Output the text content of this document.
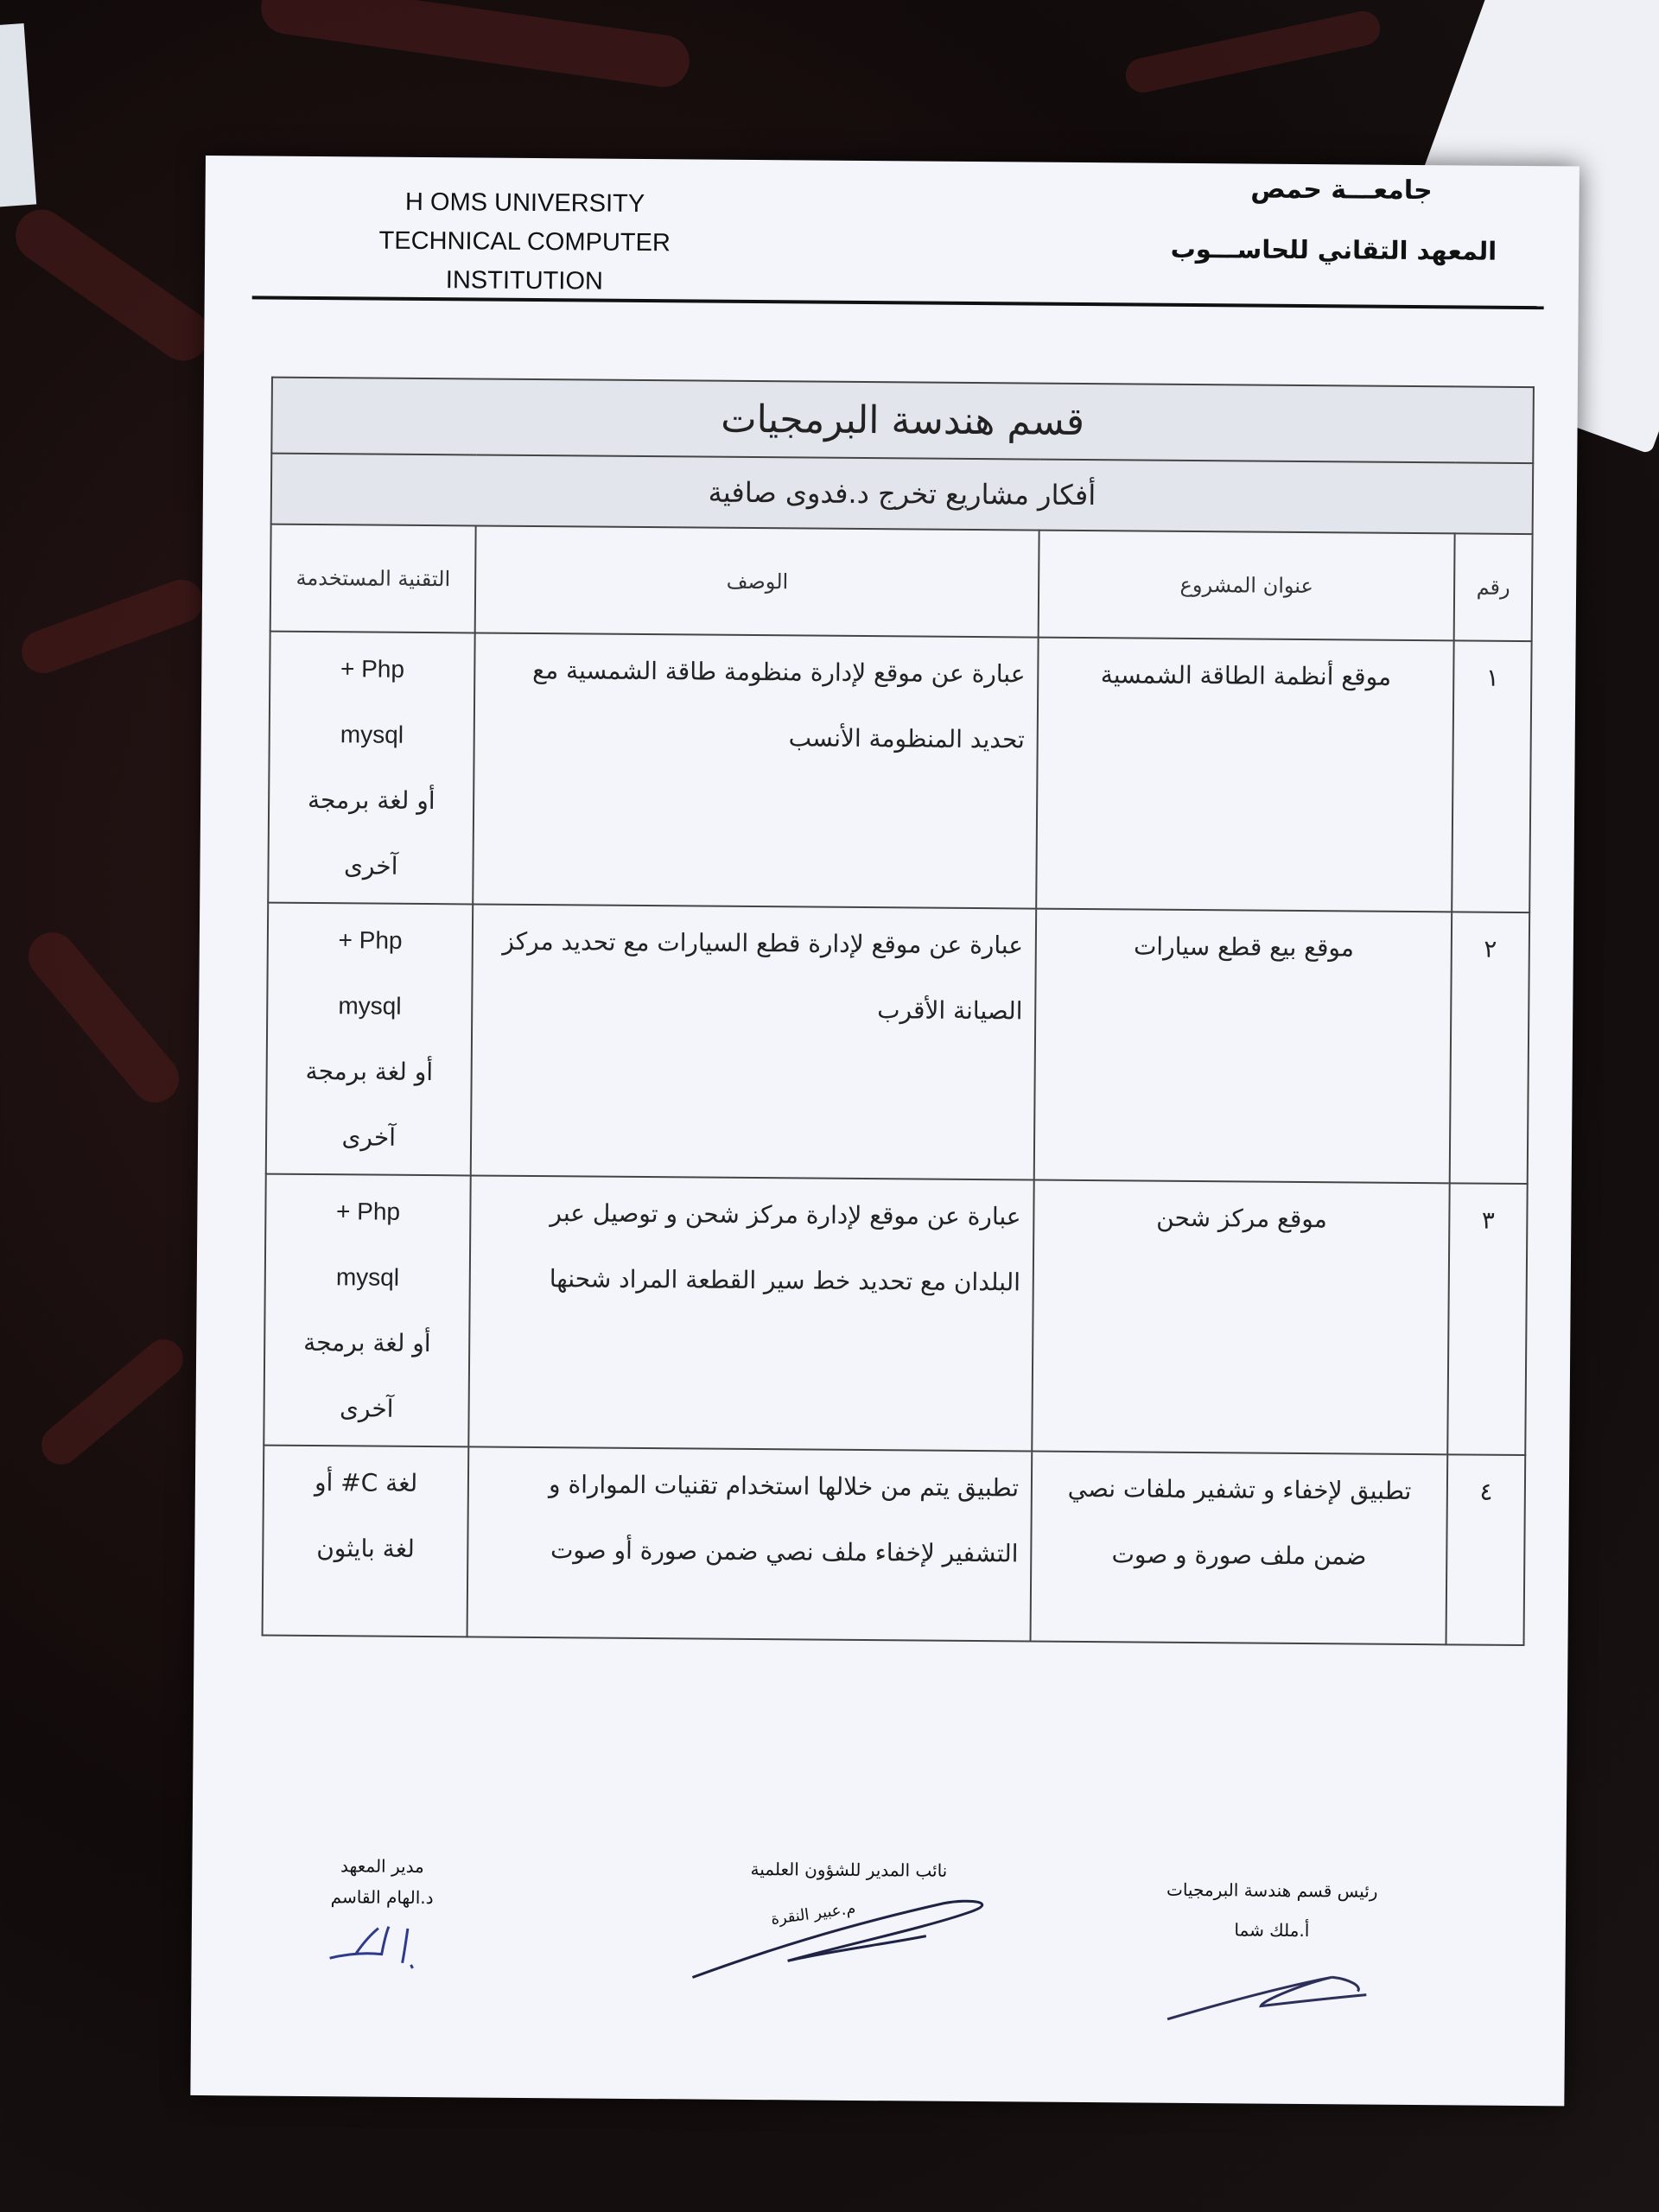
H OMS UNIVERSITY
TECHNICAL COMPUTER
INSTITUTION
جامعـــة حمص
المعهد التقاني للحاســـوب
قسم هندسة البرمجيات			
أفكار مشاريع تخرج د.فدوى صافية			
رقم	عنوان المشروع	الوصف	التقنية المستخدمة
١	موقع أنظمة الطاقة الشمسية	عبارة عن موقع لإدارة منظومة طاقة الشمسية مع تحديد المنظومة الأنسب	Php +
mysql
أو لغة برمجة
آخرى

٢	موقع بيع قطع سيارات	عبارة عن موقع لإدارة قطع السيارات مع تحديد مركز الصيانة الأقرب	Php +
mysql
أو لغة برمجة
آخرى

٣	موقع مركز شحن	عبارة عن موقع لإدارة مركز شحن و توصيل عبر البلدان مع تحديد خط سير القطعة المراد شحنها	Php +
mysql
أو لغة برمجة
آخرى

٤	تطبيق لإخفاء و تشفير ملفات نصي ضمن ملف صورة و صوت	تطبيق يتم من خلالها استخدام تقنيات المواراة و التشفير لإخفاء ملف نصي ضمن صورة أو صوت	لغة C# أو
لغة بايثون
رئيس قسم هندسة البرمجيات
أ.ملك شما
نائب المدير للشؤون العلمية
م.عبير النقرة
مدير المعهد
د.الهام القاسم
